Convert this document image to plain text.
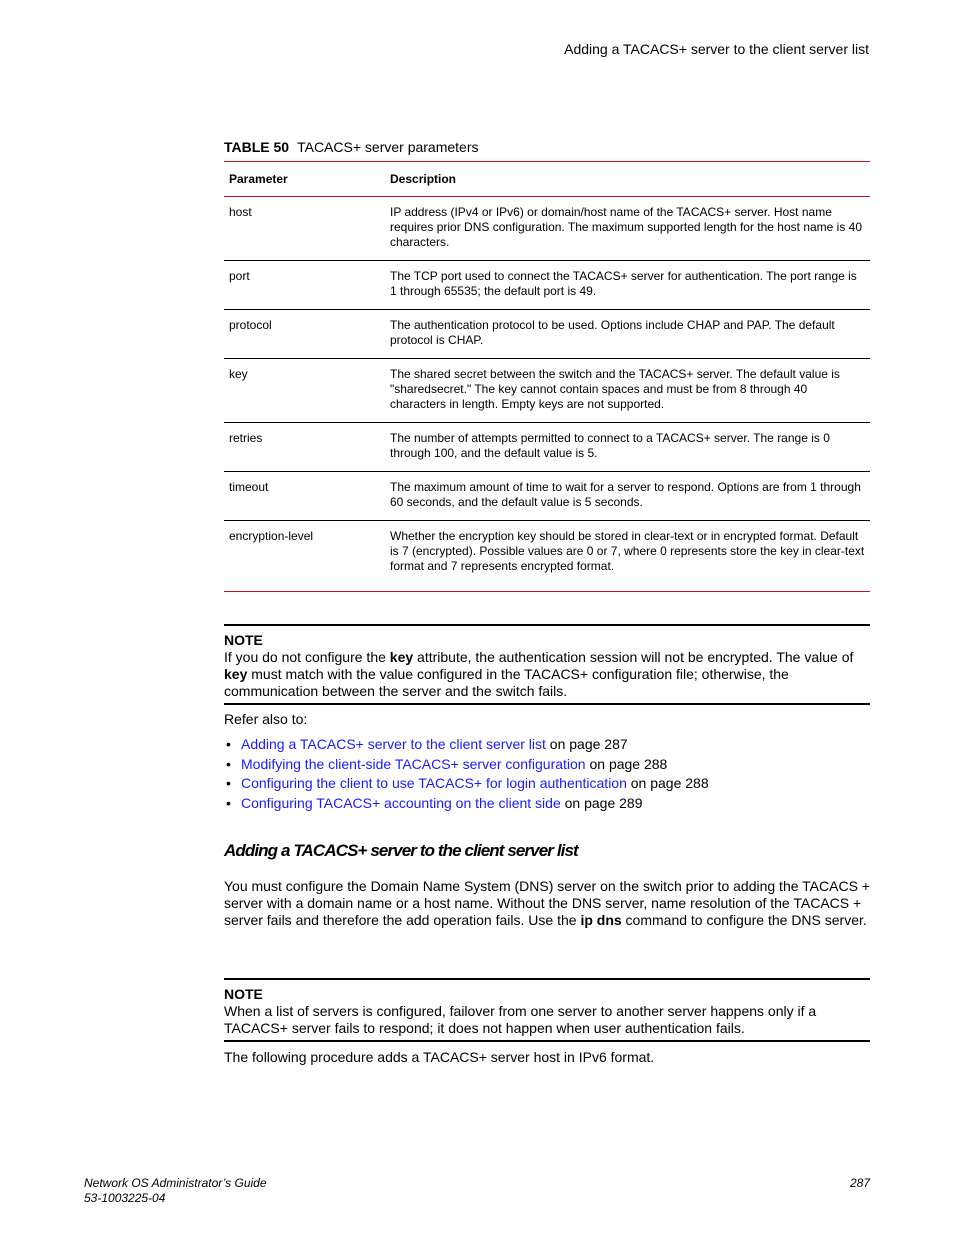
Adding a TACACS+ server to the client server list
TABLE 50 TACACS+ server parameters
Parameter	Description
host	IP address (IPv4 or IPv6) or domain/host name of the TACACS+ server. Host name requires prior DNS configuration. The maximum supported length for the host name is 40 characters.
port	The TCP port used to connect the TACACS+ server for authentication. The port range is 1 through 65535; the default port is 49.
protocol	The authentication protocol to be used. Options include CHAP and PAP. The default protocol is CHAP.
key	The shared secret between the switch and the TACACS+ server. The default value is "sharedsecret." The key cannot contain spaces and must be from 8 through 40 characters in length. Empty keys are not supported.
retries	The number of attempts permitted to connect to a TACACS+ server. The range is 0 through 100, and the default value is 5.
timeout	The maximum amount of time to wait for a server to respond. Options are from 1 through 60 seconds, and the default value is 5 seconds.
encryption-level	Whether the encryption key should be stored in clear-text or in encrypted format. Default is 7 (encrypted). Possible values are 0 or 7, where 0 represents store the key in clear-text format and 7 represents encrypted format.
NOTE
If you do not configure the key attribute, the authentication session will not be encrypted. The value of key must match with the value configured in the TACACS+ configuration file; otherwise, the communication between the server and the switch fails.
Refer also to:
• Adding a TACACS+ server to the client server list on page 287
• Modifying the client-side TACACS+ server configuration on page 288
• Configuring the client to use TACACS+ for login authentication on page 288
• Configuring TACACS+ accounting on the client side on page 289
Adding a TACACS+ server to the client server list
You must configure the Domain Name System (DNS) server on the switch prior to adding the TACACS + server with a domain name or a host name. Without the DNS server, name resolution of the TACACS + server fails and therefore the add operation fails. Use the ip dns command to configure the DNS server.
NOTE
When a list of servers is configured, failover from one server to another server happens only if a TACACS+ server fails to respond; it does not happen when user authentication fails.
The following procedure adds a TACACS+ server host in IPv6 format.
Network OS Administrator’s Guide
53-1003225-04
287
